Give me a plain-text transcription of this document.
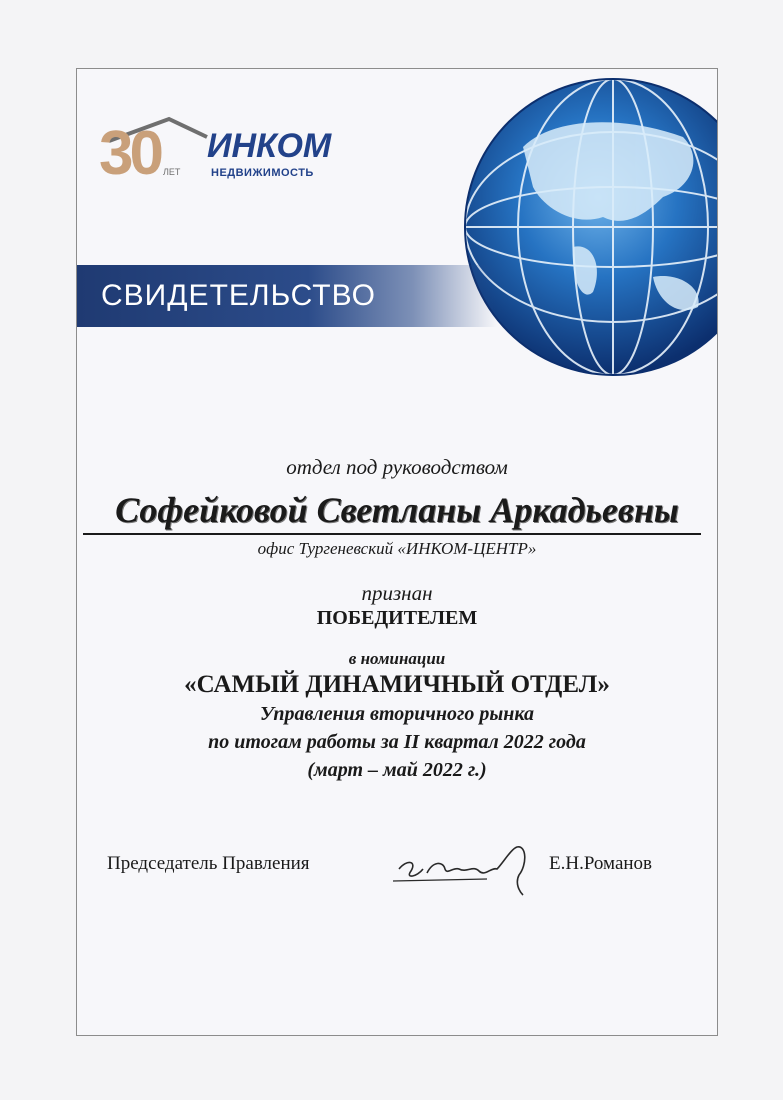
30 ЛЕТ
ИНКОМ
НЕДВИЖИМОСТЬ
СВИДЕТЕЛЬСТВО
отдел под руководством
Софейковой Светланы Аркадьевны
офис Тургеневский «ИНКОМ-ЦЕНТР»
признан
ПОБЕДИТЕЛЕМ
в номинации
«САМЫЙ ДИНАМИЧНЫЙ ОТДЕЛ»
Управления вторичного рынка
по итогам работы за II квартал 2022 года
(март – май 2022 г.)
Председатель Правления	Е.Н.Романов
